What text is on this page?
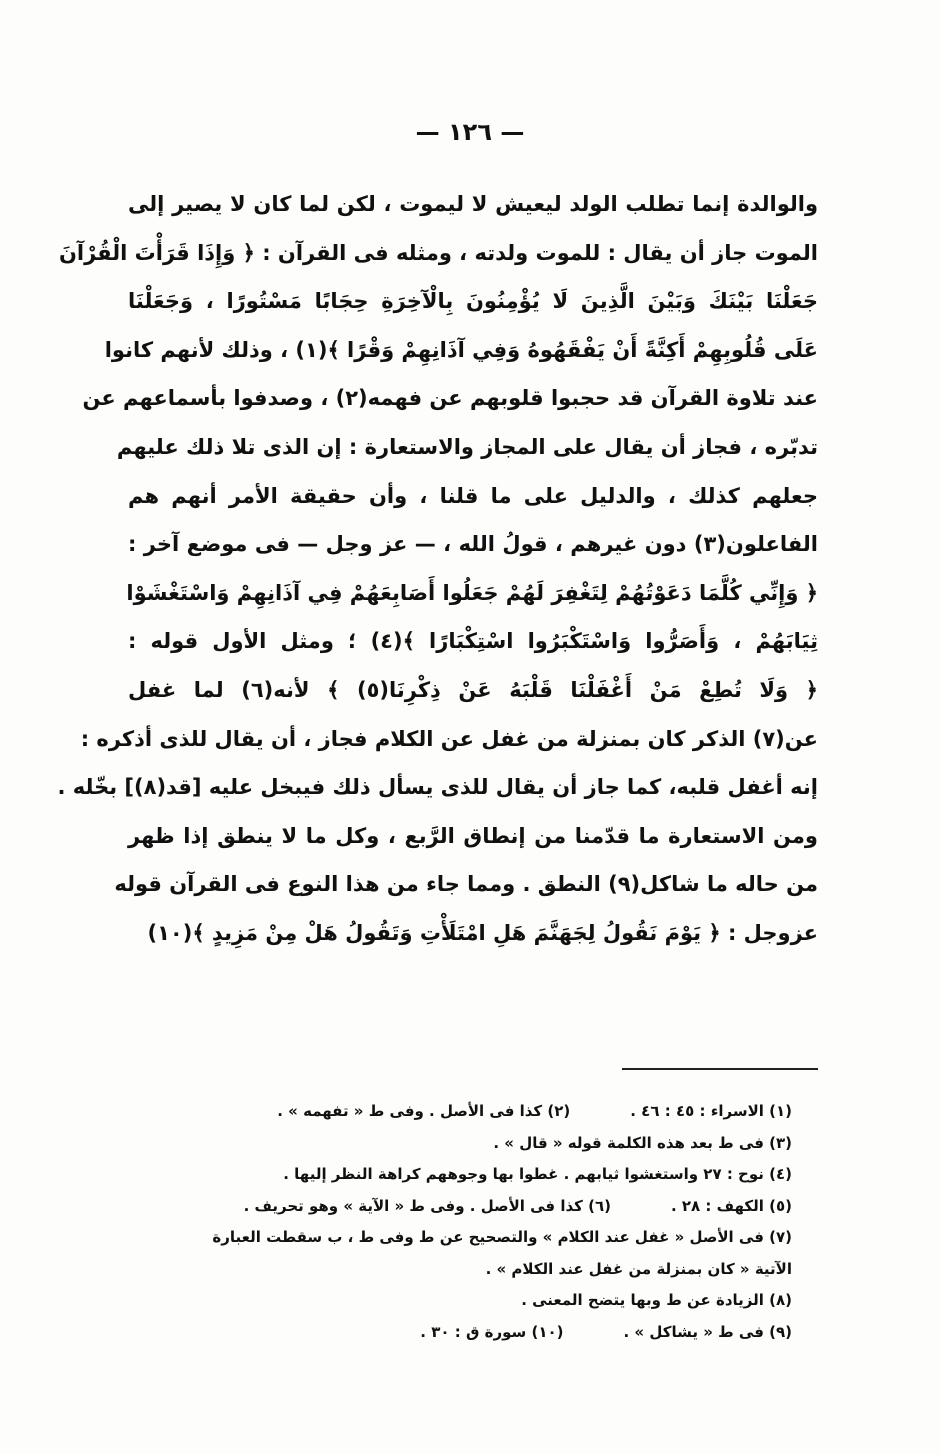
— ١٢٦ —
والوالدة إنما تطلب الولد ليعيش لا ليموت ، لكن لما كان لا يصير إلى
الموت جاز أن يقال : للموت ولدته ، ومثله فى القرآن : ﴿ وَإِذَا قَرَأْتَ الْقُرْآنَ
جَعَلْنَا بَيْنَكَ وَبَيْنَ الَّذِينَ لَا يُؤْمِنُونَ بِالْآخِرَةِ حِجَابًا مَسْتُورًا ، وَجَعَلْنَا
عَلَى قُلُوبِهِمْ أَكِنَّةً أَنْ يَفْقَهُوهُ وَفِي آذَانِهِمْ وَقْرًا ﴾(١) ، وذلك لأنهم كانوا
عند تلاوة القرآن قد حجبوا قلوبهم عن فهمه(٢) ، وصدفوا بأسماعهم عن
تدبّره ، فجاز أن يقال على المجاز والاستعارة : إن الذى تلا ذلك عليهم
جعلهم كذلك ، والدليل على ما قلنا ، وأن حقيقة الأمر أنهم هم
الفاعلون(٣) دون غيرهم ، قولُ الله ، — عز وجل — فى موضع آخر :
﴿ وَإِنِّي كُلَّمَا دَعَوْتُهُمْ لِتَغْفِرَ لَهُمْ جَعَلُوا أَصَابِعَهُمْ فِي آذَانِهِمْ وَاسْتَغْشَوْا
ثِيَابَهُمْ ، وَأَصَرُّوا وَاسْتَكْبَرُوا اسْتِكْبَارًا ﴾(٤) ؛ ومثل الأول قوله :
﴿ وَلَا تُطِعْ مَنْ أَغْفَلْنَا قَلْبَهُ عَنْ ذِكْرِنَا(٥) ﴾ لأنه(٦) لما غفل
عن(٧) الذكر كان بمنزلة من غفل عن الكلام فجاز ، أن يقال للذى أذكره :
إنه أغفل قلبه، كما جاز أن يقال للذى يسأل ذلك فيبخل عليه [قد(٨)] بخّله .
ومن الاستعارة ما قدّمنا من إنطاق الرَّبع ، وكل ما لا ينطق إذا ظهر
من حاله ما شاكل(٩) النطق . ومما جاء من هذا النوع فى القرآن قوله
عزوجل : ﴿ يَوْمَ نَقُولُ لِجَهَنَّمَ هَلِ امْتَلَأْتِ وَتَقُولُ هَلْ مِنْ مَزِيدٍ ﴾(١٠)
(١) الاسراء : ٤٥ : ٤٦ .
(٢) كذا فى الأصل . وفى ط « تفهمه » .
(٣) فى ط بعد هذه الكلمة قوله « قال » .
(٤) نوح : ٢٧ واستغشوا ثيابهم . غطوا بها وجوههم كراهة النظر إليها .
(٥) الكهف : ٢٨ .
(٦) كذا فى الأصل . وفى ط « الآية » وهو تحريف .
(٧) فى الأصل « غفل عند الكلام » والتصحيح عن ط وفى ط ، ب سقطت العبارة
الآتية « كان بمنزلة من غفل عند الكلام » .
(٨) الزيادة عن ط وبها يتضح المعنى .
(٩) فى ط « يشاكل » .
(١٠) سورة ق : ٣٠ .
